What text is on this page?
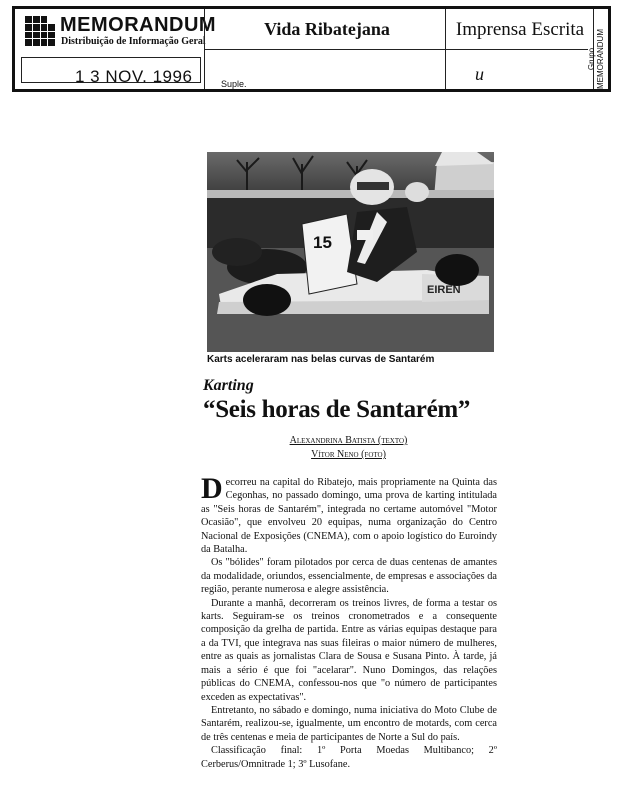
MEMORANDUM
Distribuição de Informação Geral
Vida Ribatejana	Imprensa Escrita
1 3 NOV. 1996	Suple.	u
Grupo MEMORANDUM
EIREN
15
Karts aceleraram nas belas curvas de Santarém
Karting
“Seis horas de Santarém”
Alexandrina Batista (texto)
Vítor Neno (foto)

Decorreu na capital do Ribatejo, mais propriamente na Quinta das Cegonhas, no passado domingo, uma prova de karting intitulada as "Seis horas de Santarém", integrada no certame automóvel "Motor Ocasião", que envolveu 20 equipas, numa organização do Centro Nacional de Exposições (CNEMA), com o apoio logístico do Euroindy da Batalha.

Os "bólides" foram pilotados por cerca de duas centenas de amantes da modalidade, oriundos, essencialmente, de empresas e associações da região, perante numerosa e alegre assistência.

Durante a manhã, decorreram os treinos livres, de forma a testar os karts. Seguiram-se os treinos cronometrados e a consequente composição da grelha de partida. Entre as várias equipas destaque para a da TVI, que integrava nas suas fileiras o maior número de mulheres, entre as quais as jornalistas Clara de Sousa e Susana Pinto. À tarde, já mais a sério é que foi "acelarar". Nuno Domingos, das relações públicas do CNEMA, confessou-nos que "o número de participantes exceden as expectativas".

Entretanto, no sábado e domingo, numa iniciativa do Moto Clube de Santarém, realizou-se, igualmente, um encontro de motards, com cerca de três centenas e meia de participantes de Norte a Sul do país.

Classificação final: 1º Porta Moedas Multibanco; 2º Cerberus/Omnitrade 1; 3º Lusofane.
